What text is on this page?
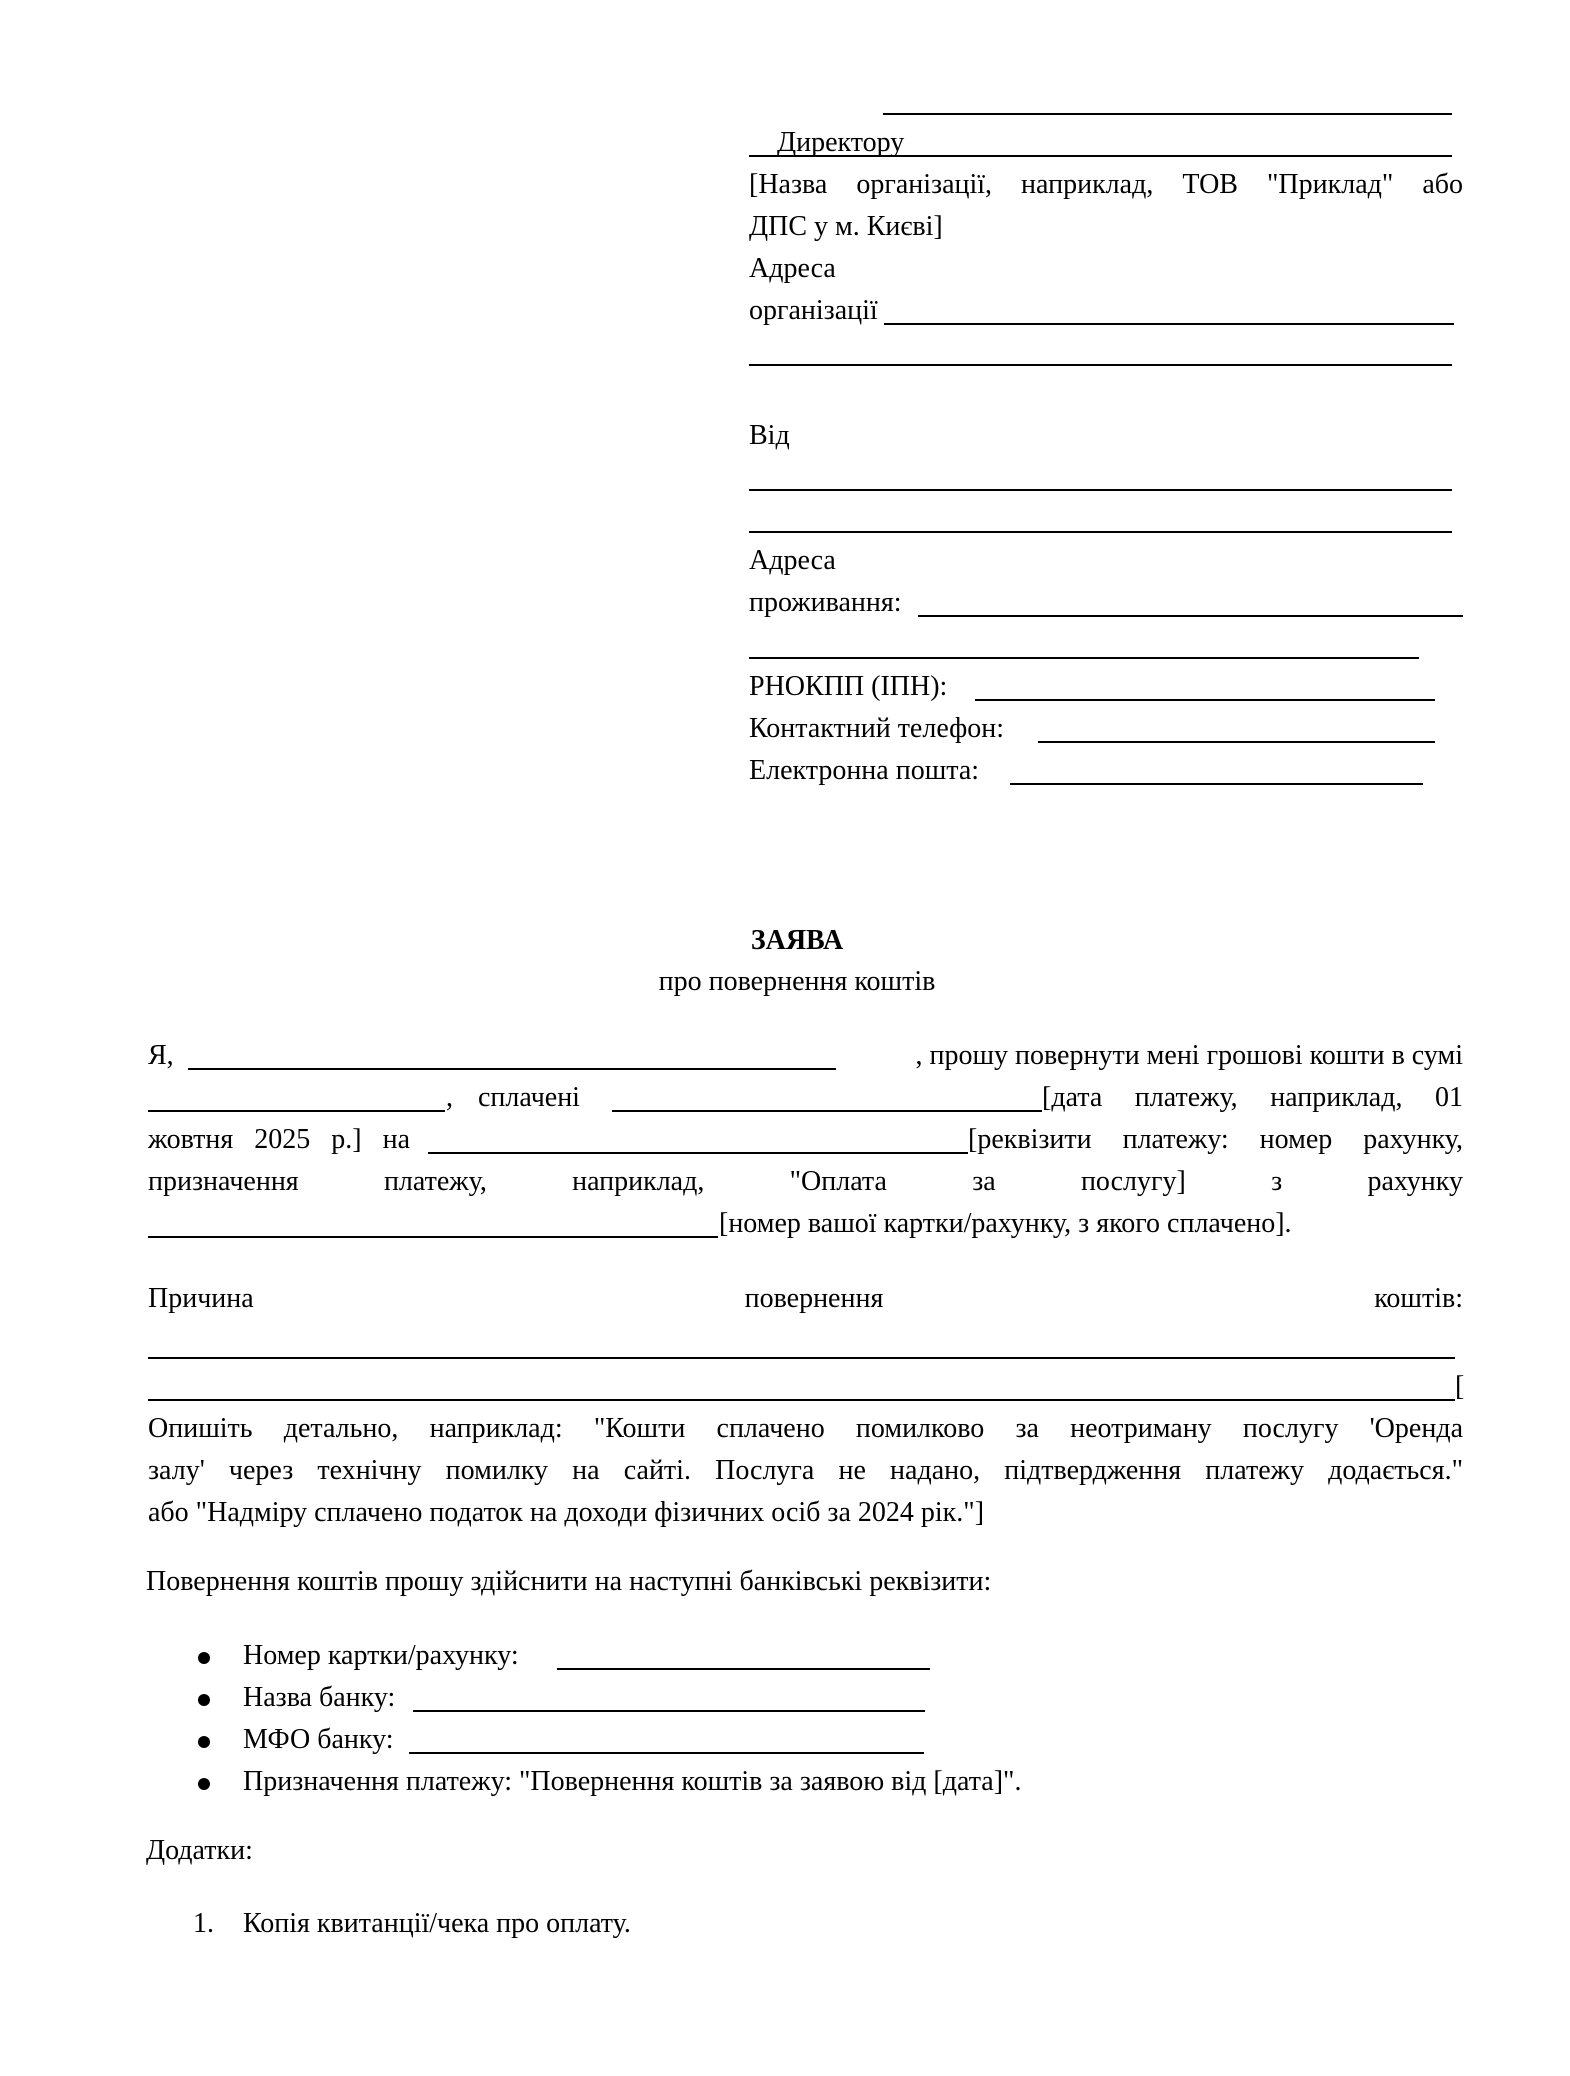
Директору

[Назва організації, наприклад, ТОВ "Приклад" або
ДПС у м. Києві]
Адреса
організації
Від
Адреса
проживання:
РНОКПП (ІПН):
Контактний телефон:
Електронна пошта:
ЗАЯВА
про повернення коштів
Я,	, прошу повернути мені грошові кошти в сумі
, сплачені	[дата платежу, наприклад, 01
жовтня 2025 р.] на	[реквізити платежу: номер рахунку,
призначення платежу, наприклад, "Оплата за послугу] з рахунку
[номер вашої картки/рахунку, з якого сплачено].
Причина повернення коштів:
[
Опишіть детально, наприклад: "Кошти сплачено помилково за неотриману послугу 'Оренда
залу' через технічну помилку на сайті. Послуга не надано, підтвердження платежу додається."
або "Надміру сплачено податок на доходи фізичних осіб за 2024 рік."]
Повернення коштів прошу здійснити на наступні банківські реквізити:
Номер картки/рахунку:
Назва банку:
МФО банку:
Призначення платежу: "Повернення коштів за заявою від [дата]".
Додатки:
1. Копія квитанції/чека про оплату.
